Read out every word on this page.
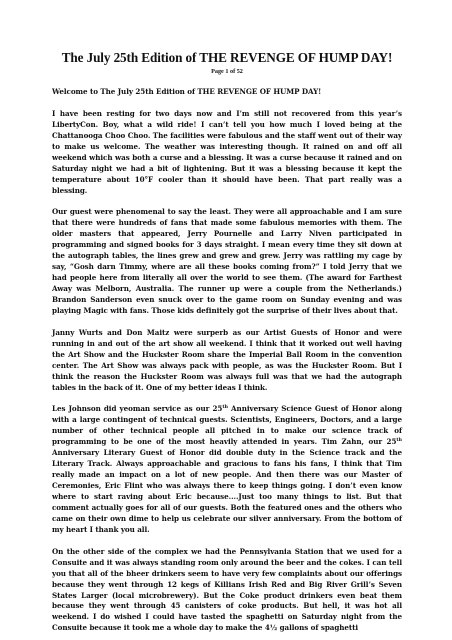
The July 25th Edition of THE REVENGE OF HUMP DAY!
Page 1 of 52

Welcome to The July 25th Edition of THE REVENGE OF HUMP DAY!

I have been resting for two days now and I’m still not recovered from this year’s LibertyCon. Boy, what a wild ride! I can’t tell you how much I loved being at the Chattanooga Choo Choo. The facilities were fabulous and the staff went out of their way to make us welcome. The weather was interesting though. It rained on and off all weekend which was both a curse and a blessing. It was a curse because it rained and on Saturday night we had a bit of lightening. But it was a blessing because it kept the temperature about 10°F cooler than it should have been. That part really was a blessing.

Our guest were phenomenal to say the least. They were all approachable and I am sure that there were hundreds of fans that made some fabulous memories with them. The older masters that appeared, Jerry Pournelle and Larry Niven participated in programming and signed books for 3 days straight. I mean every time they sit down at the autograph tables, the lines grew and grew and grew. Jerry was rattling my cage by say, “Gosh darn Timmy, where are all these books coming from?” I told Jerry that we had people here from literally all over the world to see them. (The award for Farthest Away was Melborn, Australia. The runner up were a couple from the Netherlands.) Brandon Sanderson even snuck over to the game room on Sunday evening and was playing Magic with fans. Those kids definitely got the surprise of their lives about that.

Janny Wurts and Don Maitz were surperb as our Artist Guests of Honor and were running in and out of the art show all weekend. I think that it worked out well having the Art Show and the Huckster Room share the Imperial Ball Room in the convention center. The Art Show was always pack with people, as was the Huckster Room. But I think the reason the Huckster Room was always full was that we had the autograph tables in the back of it. One of my better ideas I think.

Les Johnson did yeoman service as our 25th Anniversary Science Guest of Honor along with a large contingent of technical guests. Scientists, Engineers, Doctors, and a large number of other technical people all pitched in to make our science track of programming to be one of the most heavily attended in years. Tim Zahn, our 25th Anniversary Literary Guest of Honor did double duty in the Science track and the Literary Track. Always approachable and gracious to fans his fans, I think that Tim really made an impact on a lot of new people. And then there was our Master of Ceremonies, Eric Flint who was always there to keep things going. I don’t even know where to start raving about Eric because....Just too many things to list. But that comment actually goes for all of our guests. Both the featured ones and the others who came on their own dime to help us celebrate our silver anniversary. From the bottom of my heart I thank you all.

On the other side of the complex we had the Pennsylvania Station that we used for a Consuite and it was always standing room only around the beer and the cokes. I can tell you that all of the bheer drinkers seem to have very few complaints about our offerings because they went through 12 kegs of Killians Irish Red and Big River Grill’s Seven States Larger (local microbrewery). But the Coke product drinkers even beat them because they went through 45 canisters of coke products. But hell, it was hot all weekend. I do wished I could have tasted the spaghetti on Saturday night from the Consuite because it took me a whole day to make the 4½ gallons of spaghetti
